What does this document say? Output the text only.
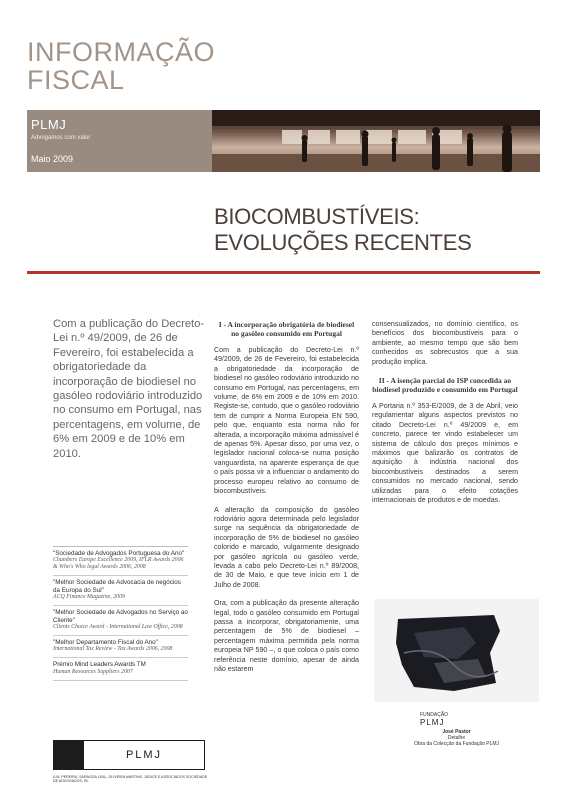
INFORMAÇÃO
FISCAL
PLMJ
Advogamos com valor
Maio 2009
BIOCOMBUSTÍVEIS:
EVOLUÇÕES RECENTES
Com a publicação do Decreto-Lei n.º 49/2009, de 26 de Fevereiro, foi estabelecida a obrigatoriedade da incorporação de biodiesel no gasóleo rodoviário introduzido no consumo em Portugal, nas percentagens, em volume, de 6% em 2009 e de 10% em 2010.
"Sociedade de Advogados Portuguesa do Ano"
Chambers Europe Excellence 2009, IFLR Awards 2006 & Who's Who legal Awards 2006, 2008
"Melhor Sociedade de Advocacia de negócios da Europa do Sul"
ACQ Finance Magazine, 2009
"Melhor Sociedade de Advogados no Serviço ao Cliente"
Clients Choice Award - International Law Office, 2008
"Melhor Departamento Fiscal do Ano"
International Tax Review - Tax Awards 2006, 2008
Prémio Mind Leaders Awards TM
Human Resources Suppliers 2007
PLMJ
A.M. PEREIRA, SÁRAGGA LEAL, OLIVEIRA MARTINS, JÚDICE E ASSOCIADOS SOCIEDADE DE ADVOGADOS, RL
I - A incorporação obrigatória de biodiesel no gasóleo consumido em Portugal

Com a publicação do Decreto-Lei n.º 49/2009, de 26 de Fevereiro, foi estabelecida a obrigatoriedade da incorporação de biodiesel no gasóleo rodoviário introduzido no consumo em Portugal, nas percentagens, em volume, de 6% em 2009 e de 10% em 2010. Registe-se, contudo, que o gasóleo rodoviário tem de cumprir a Norma Europeia EN 590, pelo que, enquanto esta norma não for alterada, a incorporação máxima admissível é de apenas 5%. Apesar disso, por uma vez, o legislador nacional coloca-se numa posição vanguardista, na aparente esperança de que o país possa vir a influenciar o andamento do processo europeu relativo ao consumo de biocombustíveis.

A alteração da composição do gasóleo rodoviário agora determinada pelo legislador surge na sequência da obrigatoriedade de incorporação de 5% de biodiesel no gasóleo colorido e marcado, vulgarmente designado por gasóleo agrícola ou gasóleo verde, levada a cabo pelo Decreto-Lei n.º 89/2008, de 30 de Maio, e que teve início em 1 de Julho de 2008.

Ora, com a publicação da presente alteração legal, todo o gasóleo consumido em Portugal passa a incorporar, obrigatoriamente, uma percentagem de 5% de biodiesel – percentagem máxima permitida pela norma europeia NP 590 –, o que coloca o país como referência neste domínio, apesar de ainda não estarem

consensualizados, no domínio científico, os benefícios dos biocombustíveis para o ambiente, ao mesmo tempo que são bem conhecidos os sobrecustos que a sua produção implica.

II - A isenção parcial do ISP concedida ao biodiesel produzido e consumido em Portugal

A Portaria n.º 353-E/2009, de 3 de Abril, veio regulamentar alguns aspectos previstos no citado Decreto-Lei n.º 49/2009 e, em concreto, parece ter vindo estabelecer um sistema de cálculo dos preços mínimos e máximos que balizarão os contratos de aquisição à indústria nacional dos biocombustíveis destinados a serem consumidos no mercado nacional, sendo utilizadas para o efeito cotações internacionais de produtos e de moedas.

FUNDAÇÃO
PLMJ
José Pastor
Detalhe
Obra da Colecção da Fundação PLMJ
